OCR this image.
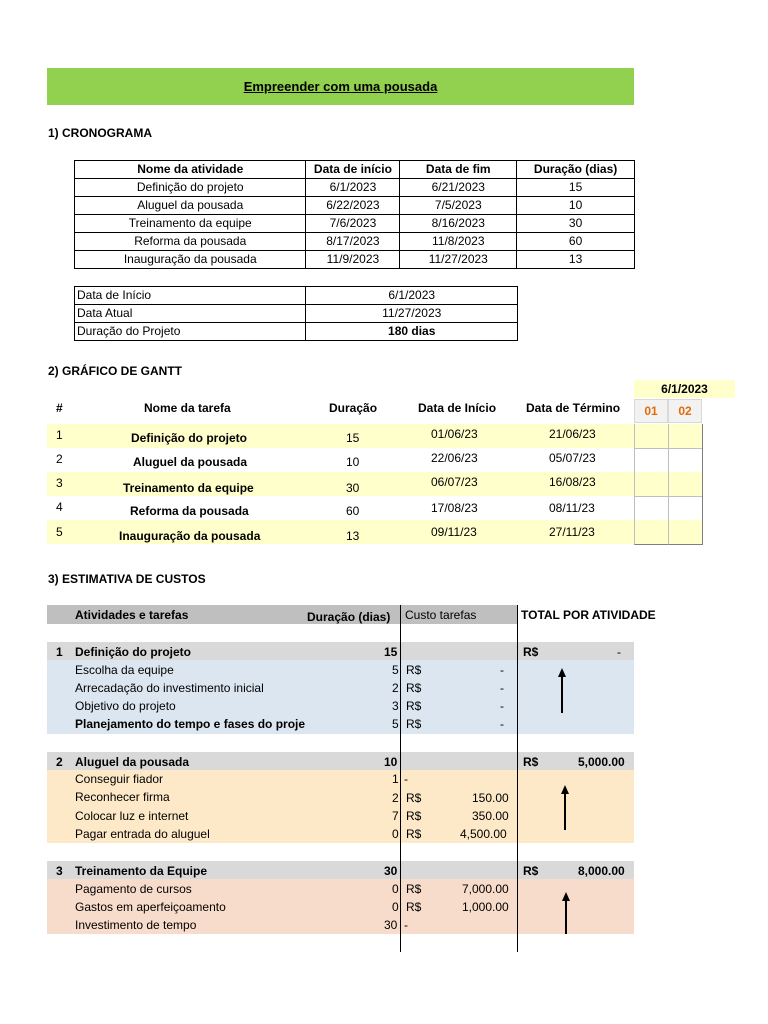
Empreender com uma pousada
1) CRONOGRAMA
Nome da atividade	Data de início	Data de fim	Duração (dias)
Definição do projeto	6/1/2023	6/21/2023	15
Aluguel da pousada	6/22/2023	7/5/2023	10
Treinamento da equipe	7/6/2023	8/16/2023	30
Reforma da pousada	8/17/2023	11/8/2023	60
Inauguração da pousada	11/9/2023	11/27/2023	13
Data de Início	6/1/2023
Data Atual	11/27/2023
Duração do Projeto	180 dias
2) GRÁFICO DE GANTT
6/1/2023
01	02
#	Nome da tarefa	Duração	Data de Início Data de Término
1	Definição do projeto	15	01/06/23	21/06/23
2	Aluguel da pousada	10	22/06/23	05/07/23
3	Treinamento da equipe	30	06/07/23	16/08/23
4	Reforma da pousada	60	17/08/23	08/11/23
5	Inauguração da pousada	13	09/11/23	27/11/23
3) ESTIMATIVA DE CUSTOS
Atividades e tarefas	Duração (dias) Custo tarefas	TOTAL POR ATIVIDADE
1 Definição do projeto	15	R$	-
Escolha da equipe	5 R$	-
Arrecadação do investimento inicial	2 R$	-
Objetivo do projeto	3 R$	-
Planejamento do tempo e fases do proje	5 R$	-
2 Aluguel da pousada	10	R$	5,000.00
Conseguir fiador	1 -
Reconhecer firma	2 R$	150.00
Colocar luz e internet	7 R$	350.00
Pagar entrada do aluguel	0 R$	4,500.00
3 Treinamento da Equipe	30	R$	8,000.00
Pagamento de cursos	0 R$	7,000.00
Gastos em aperfeiçoamento	0 R$	1,000.00
Investimento de tempo	30 -
